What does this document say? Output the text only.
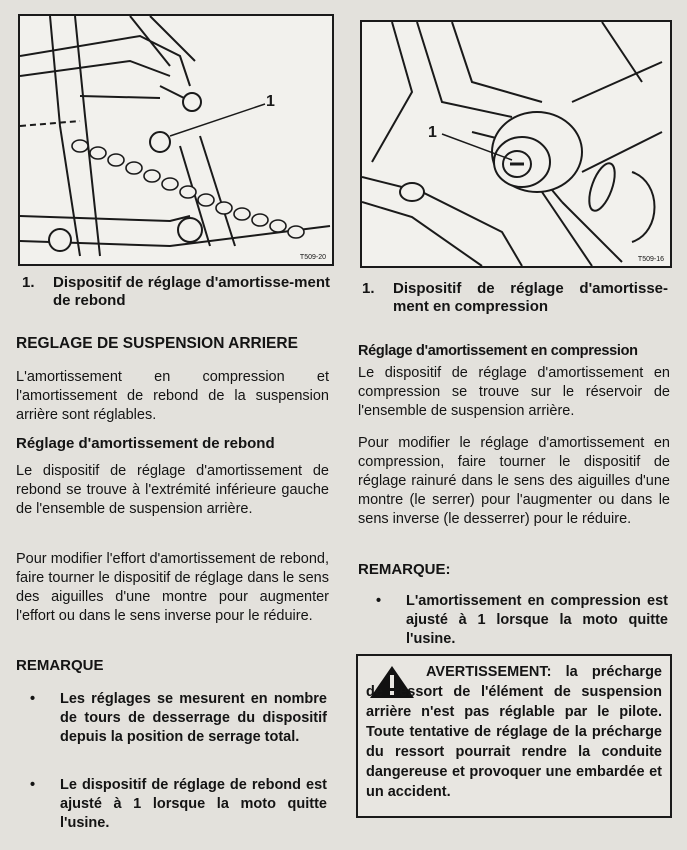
1
T509-20
1. Dispositif de réglage d'amortisse-ment de rebond
REGLAGE DE SUSPENSION ARRIERE
L'amortissement en compression et l'amortissement de rebond de la suspension arrière sont réglables.
Réglage d'amortissement de rebond
Le dispositif de réglage d'amortissement de rebond se trouve à l'extrémité inférieure gauche de l'ensemble de suspension arrière.
Pour modifier l'effort d'amortissement de rebond, faire tourner le dispositif de réglage dans le sens des aiguilles d'une montre pour augmenter l'effort ou dans le sens inverse pour le réduire.
REMARQUE
• Les réglages se mesurent en nombre de tours de desserrage du dispositif depuis la position de serrage total.
• Le dispositif de réglage de rebond est ajusté à 1 lorsque la moto quitte l'usine.
1
T509-16
1. Dispositif de réglage d'amortisse-ment en compression
Réglage d'amortissement en compression
Le dispositif de réglage d'amortissement en compression se trouve sur le réservoir de l'ensemble de suspension arrière.
Pour modifier le réglage d'amortissement en compression, faire tourner le dispositif de réglage rainuré dans le sens des aiguilles d'une montre (le serrer) pour l'augmenter ou dans le sens inverse (le desserrer) pour le réduire.
REMARQUE:
• L'amortissement en compression est ajusté à 1 lorsque la moto quitte l'usine.
AVERTISSEMENT: la précharge de ressort de l'élément de suspension arrière n'est pas réglable par le pilote. Toute tentative de réglage de la précharge du ressort pourrait rendre la conduite dangereuse et provoquer une embardée et un accident.
